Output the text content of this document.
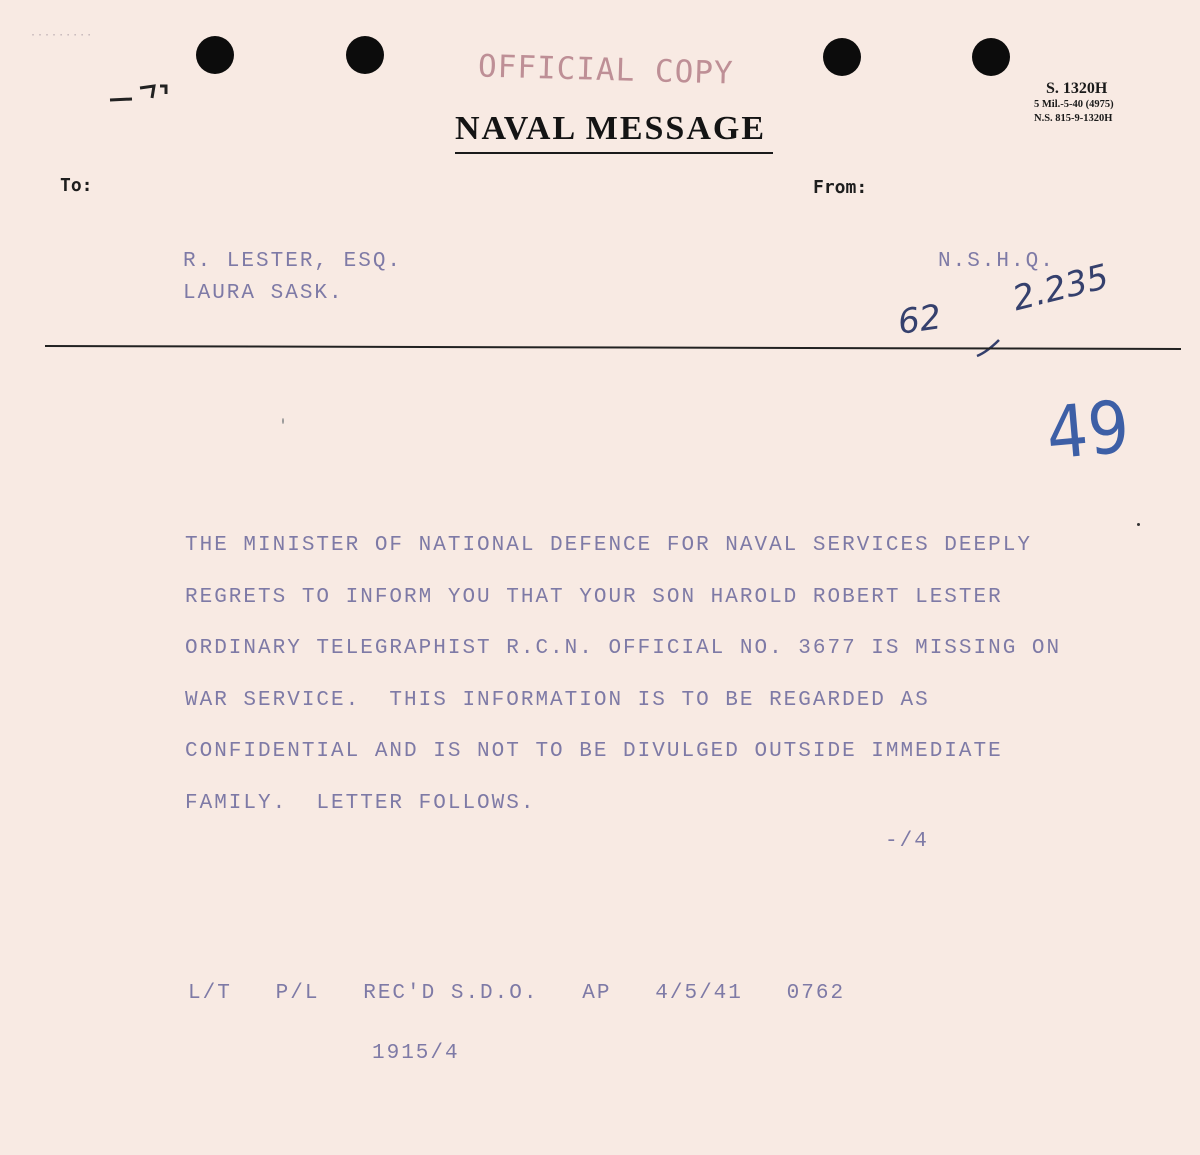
·········
OFFICIAL COPY
NAVAL MESSAGE
S. 1320H
5 Mil.-5-40 (4975)
N.S. 815-9-1320H
To:	From:
R. LESTER, ESQ.
LAURA SASK.
N.S.H.Q.
62
2.235
49
THE MINISTER OF NATIONAL DEFENCE FOR NAVAL SERVICES DEEPLY
REGRETS TO INFORM YOU THAT YOUR SON HAROLD ROBERT LESTER
ORDINARY TELEGRAPHIST R.C.N. OFFICIAL NO. 3677 IS MISSING ON
WAR SERVICE.  THIS INFORMATION IS TO BE REGARDED AS
CONFIDENTIAL AND IS NOT TO BE DIVULGED OUTSIDE IMMEDIATE
FAMILY.  LETTER FOLLOWS.
-/4
L/T   P/L   REC'D S.D.O.   AP   4/5/41   0762
1915/4
